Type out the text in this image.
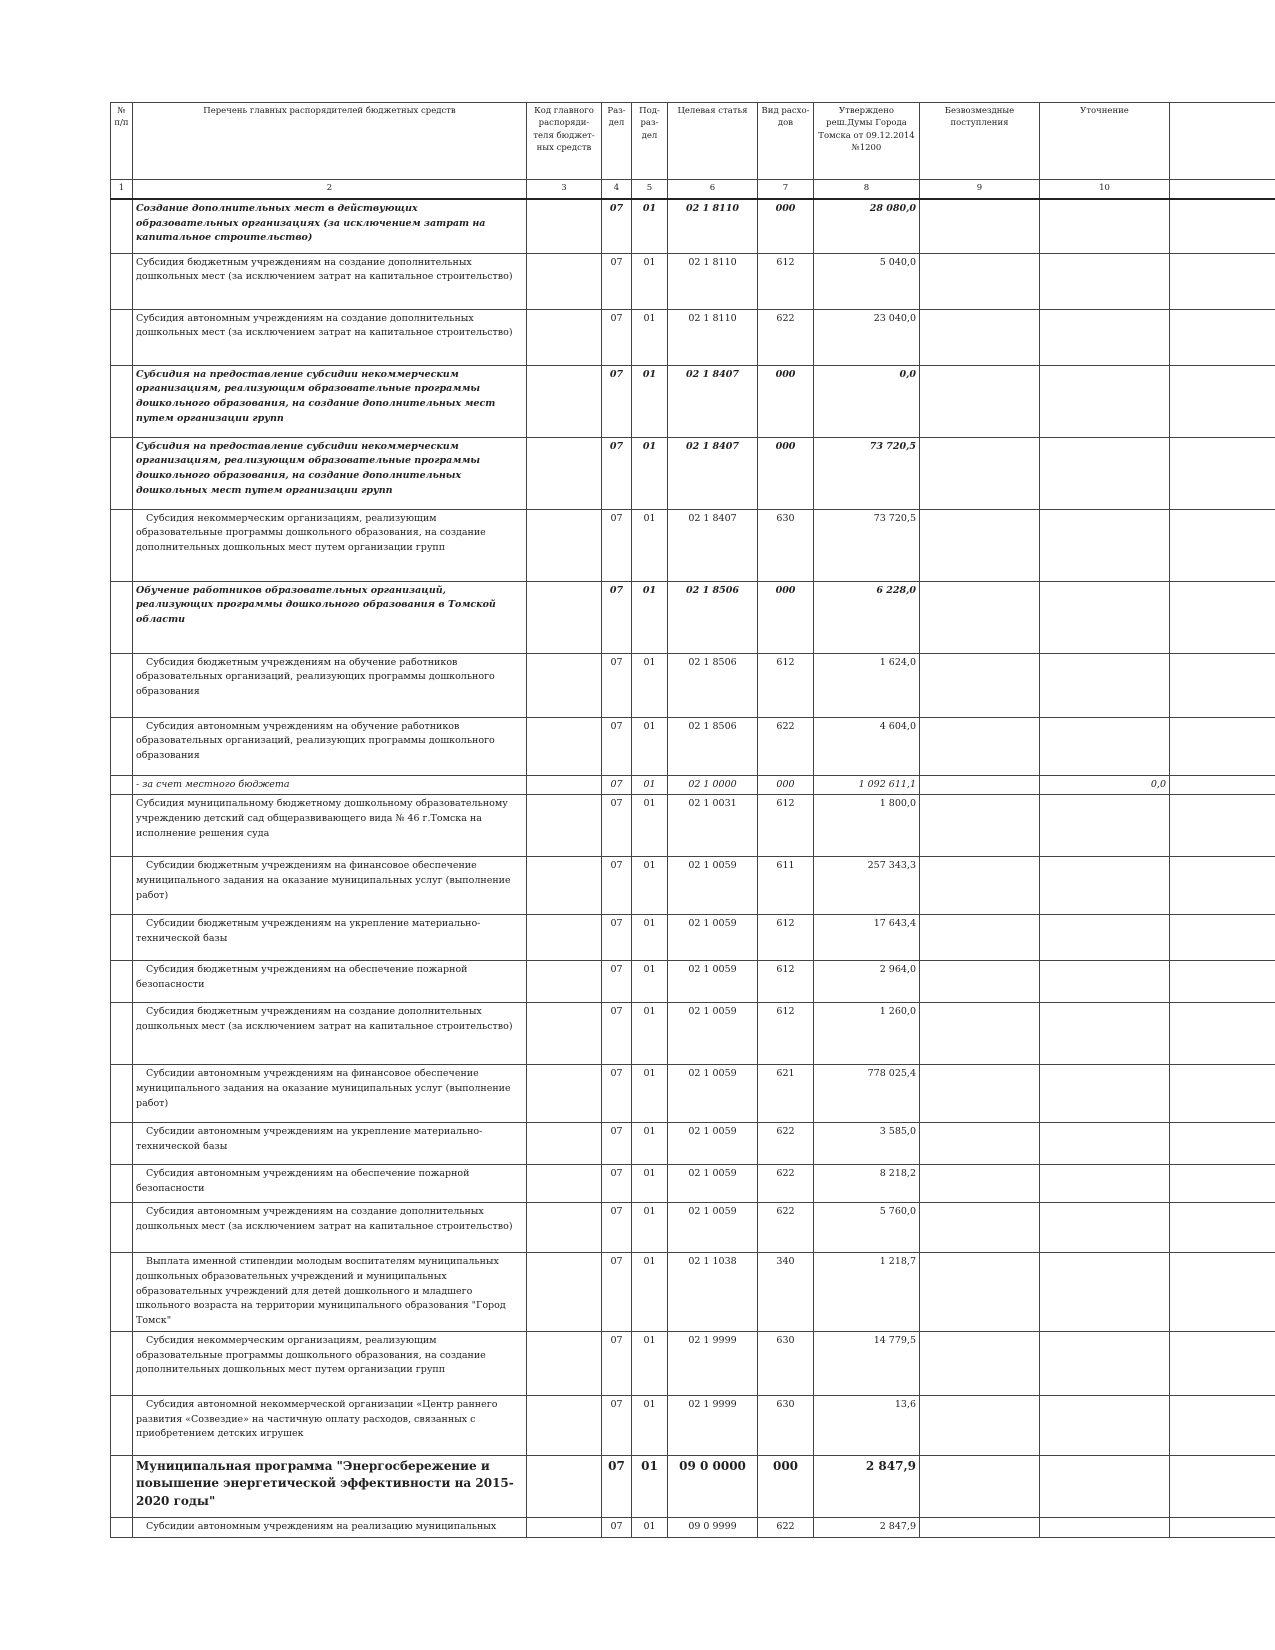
№ п/п	Перечень главных распорядителей бюджетных средств	Код главного распоряди-теля бюджет-ных средств	Раз-дел	Под-раз-дел	Целевая статья	Вид расхо-дов	Утверждено реш.Думы Города Томска от 09.12.2014 №1200	Безвозмездные поступления	Уточнение	
1	2	3	4	5	6	7	8	9	10	
	Создание дополнительных мест в действующих образовательных организациях (за исключением затрат на капитальное строительство)		07	01	02 1 8110	000	28 080,0			
	Субсидия бюджетным учреждениям на создание дополнительных дошкольных мест (за исключением затрат на капитальное строительство)		07	01	02 1 8110	612	5 040,0			
	Субсидия автономным учреждениям на создание дополнительных дошкольных мест (за исключением затрат на капитальное строительство)		07	01	02 1 8110	622	23 040,0			
	Субсидия на предоставление субсидии некоммерческим организациям, реализующим образовательные программы дошкольного образования, на создание дополнительных мест путем организации групп		07	01	02 1 8407	000	0,0			
	Субсидия на предоставление субсидии некоммерческим организациям, реализующим образовательные программы дошкольного образования, на создание дополнительных дошкольных мест путем организации групп		07	01	02 1 8407	000	73 720,5			
	Субсидия некоммерческим организациям, реализующим образовательные программы дошкольного образования, на создание дополнительных дошкольных мест путем организации групп		07	01	02 1 8407	630	73 720,5			
	Обучение работников образовательных организаций, реализующих программы дошкольного образования в Томской области		07	01	02 1 8506	000	6 228,0			
	Субсидия бюджетным учреждениям на обучение работников образовательных организаций, реализующих программы дошкольного образования		07	01	02 1 8506	612	1 624,0			
	Субсидия автономным учреждениям на обучение работников образовательных организаций, реализующих программы дошкольного образования		07	01	02 1 8506	622	4 604,0			
	- за счет местного бюджета		07	01	02 1 0000	000	1 092 611,1		0,0	
	Субсидия муниципальному бюджетному дошкольному образовательному учреждению детский сад общеразвивающего вида № 46 г.Томска на исполнение решения суда		07	01	02 1 0031	612	1 800,0			
	Субсидии бюджетным учреждениям на финансовое обеспечение муниципального задания на оказание муниципальных услуг (выполнение работ)		07	01	02 1 0059	611	257 343,3			
	Субсидии бюджетным учреждениям на укрепление материально-технической базы		07	01	02 1 0059	612	17 643,4			
	Субсидия бюджетным учреждениям на обеспечение пожарной безопасности		07	01	02 1 0059	612	2 964,0			
	Субсидия бюджетным учреждениям на создание дополнительных дошкольных мест (за исключением затрат на капитальное строительство)		07	01	02 1 0059	612	1 260,0			
	Субсидии автономным учреждениям на финансовое обеспечение муниципального задания на оказание муниципальных услуг (выполнение работ)		07	01	02 1 0059	621	778 025,4			
	Субсидии автономным учреждениям на укрепление материально-технической базы		07	01	02 1 0059	622	3 585,0			
	Субсидия автономным учреждениям на обеспечение пожарной безопасности		07	01	02 1 0059	622	8 218,2			
	Субсидия автономным учреждениям на создание дополнительных дошкольных мест (за исключением затрат на капитальное строительство)		07	01	02 1 0059	622	5 760,0			
	Выплата именной стипендии молодым воспитателям муниципальных дошкольных образовательных учреждений и муниципальных образовательных учреждений для детей дошкольного и младшего школьного возраста на территории муниципального образования "Город Томск"		07	01	02 1 1038	340	1 218,7			
	Субсидия некоммерческим организациям, реализующим образовательные программы дошкольного образования, на создание дополнительных дошкольных мест путем организации групп		07	01	02 1 9999	630	14 779,5			
	Субсидия автономной некоммерческой организации «Центр раннего развития «Созвездие» на частичную оплату расходов, связанных с приобретением детских игрушек		07	01	02 1 9999	630	13,6			
	Муниципальная программа "Энергосбережение и повышение энергетической эффективности на 2015-2020 годы"		07	01	09 0 0000	000	2 847,9			
	Субсидии автономным учреждениям на реализацию муниципальных		07	01	09 0 9999	622	2 847,9			
